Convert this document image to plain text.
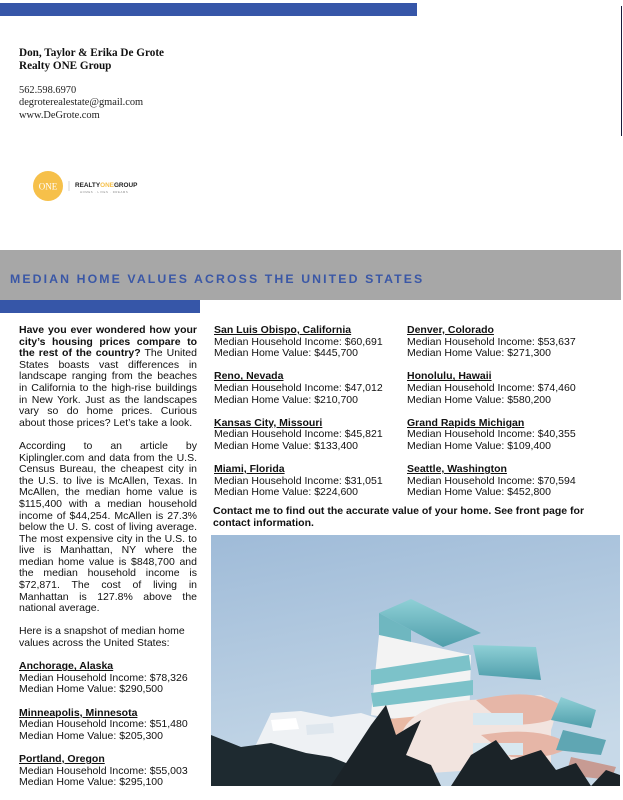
Don, Taylor & Erika De Grote
Realty ONE Group
562.598.6970
degroterealestate@gmail.com
www.DeGrote.com
ONE	REALTYONEGROUP
HOMES · LIVES · DREAMS
MEDIAN HOME VALUES ACROSS THE UNITED STATES

Have you ever wondered how your city’s housing prices compare to the rest of the country? The United States boasts vast differences in landscape ranging from the beaches in California to the high-rise buildings in New York. Just as the landscapes vary so do home prices. Curious about those prices? Let’s take a look.

According to an article by Kiplingler.com and data from the U.S. Census Bureau, the cheapest city in the U.S. to live is McAllen, Texas. In McAllen, the median home value is $115,400 with a median household income of $44,254. McAllen is 27.3% below the U. S. cost of living average. The most expensive city in the U.S. to live is Manhattan, NY where the median home value is $848,700 and the median household income is $72,871. The cost of living in Manhattan is 127.8% above the national average.

Here is a snapshot of median home values across the United States:

Anchorage, Alaska
Median Household Income: $78,326
Median Home Value: $290,500
Minneapolis, Minnesota
Median Household Income: $51,480
Median Home Value: $205,300
Portland, Oregon
Median Household Income: $55,003
Median Home Value: $295,100
San Luis Obispo, California
Median Household Income: $60,691
Median Home Value: $445,700
Reno, Nevada
Median Household Income: $47,012
Median Home Value: $210,700
Kansas City, Missouri
Median Household Income: $45,821
Median Home Value: $133,400
Miami, Florida
Median Household Income: $31,051
Median Home Value: $224,600
Denver, Colorado
Median Household Income: $53,637
Median Home Value: $271,300
Honolulu, Hawaii
Median Household Income: $74,460
Median Home Value: $580,200
Grand Rapids Michigan
Median Household Income: $40,355
Median Home Value: $109,400
Seattle, Washington
Median Household Income: $70,594
Median Home Value: $452,800
Contact me to find out the accurate value of your home. See front page for contact information.
